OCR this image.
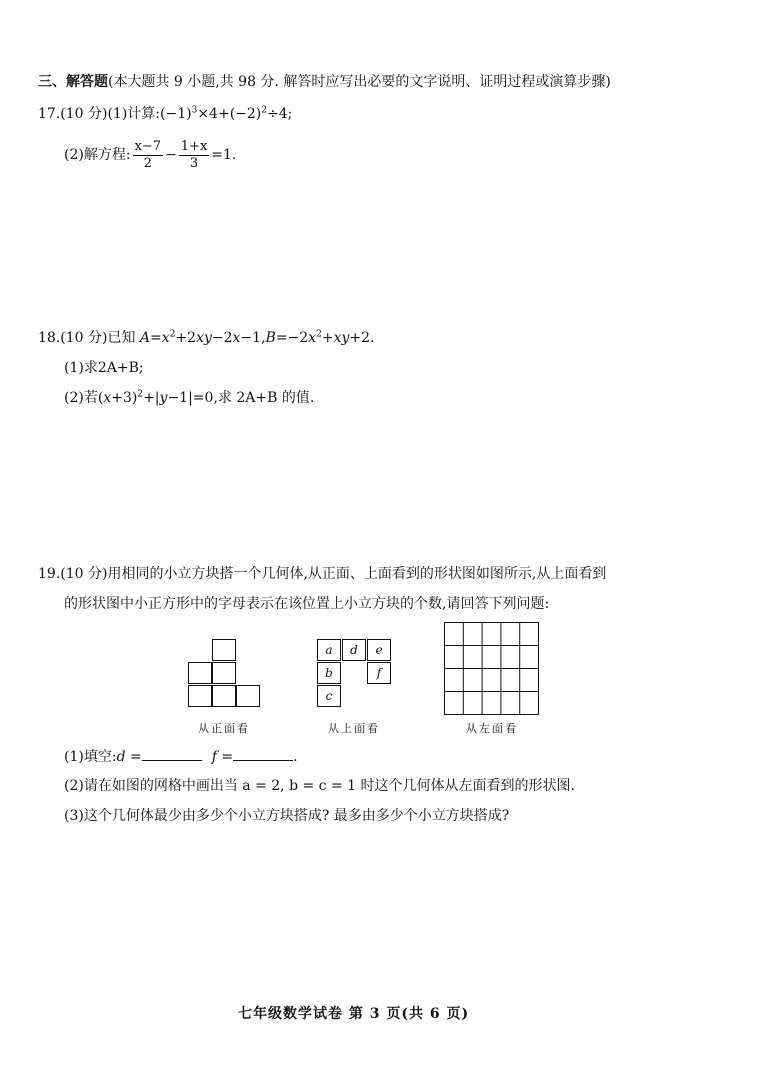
三、解答题(本大题共 9 小题,共 98 分. 解答时应写出必要的文字说明、证明过程或演算步骤)
17.(10 分)(1)计算$:(-1)^3\times 4+(-2)^2\div 4$;
(2)解方程: $\frac{x-7}{2} - \frac{1+x}{3} =1$.
18.(10 分)已知 $A=x^2+2xy-2x-1,B=-2x^2+xy+2$.
(1)求2A+B;
(2)若$(x+3)^2+|y-1|=0$,求 2A+B 的值.
19.(10 分)用相同的小立方块搭一个几何体,从正面、上面看到的形状图如图所示,从上面看到
的形状图中小正方形中的字母表示在该位置上小立方块的个数,请回答下列问题:
从正面看
a	d	e
b	f
c
从上面看	从左面看
(1)填空:d =	f =	.
(2)请在如图的网格中画出当 a = 2, b = c = 1 时这个几何体从左面看到的形状图.
(3)这个几何体最少由多少个小立方块搭成? 最多由多少个小立方块搭成?
七年级数学试卷 第 3 页(共 6 页)
